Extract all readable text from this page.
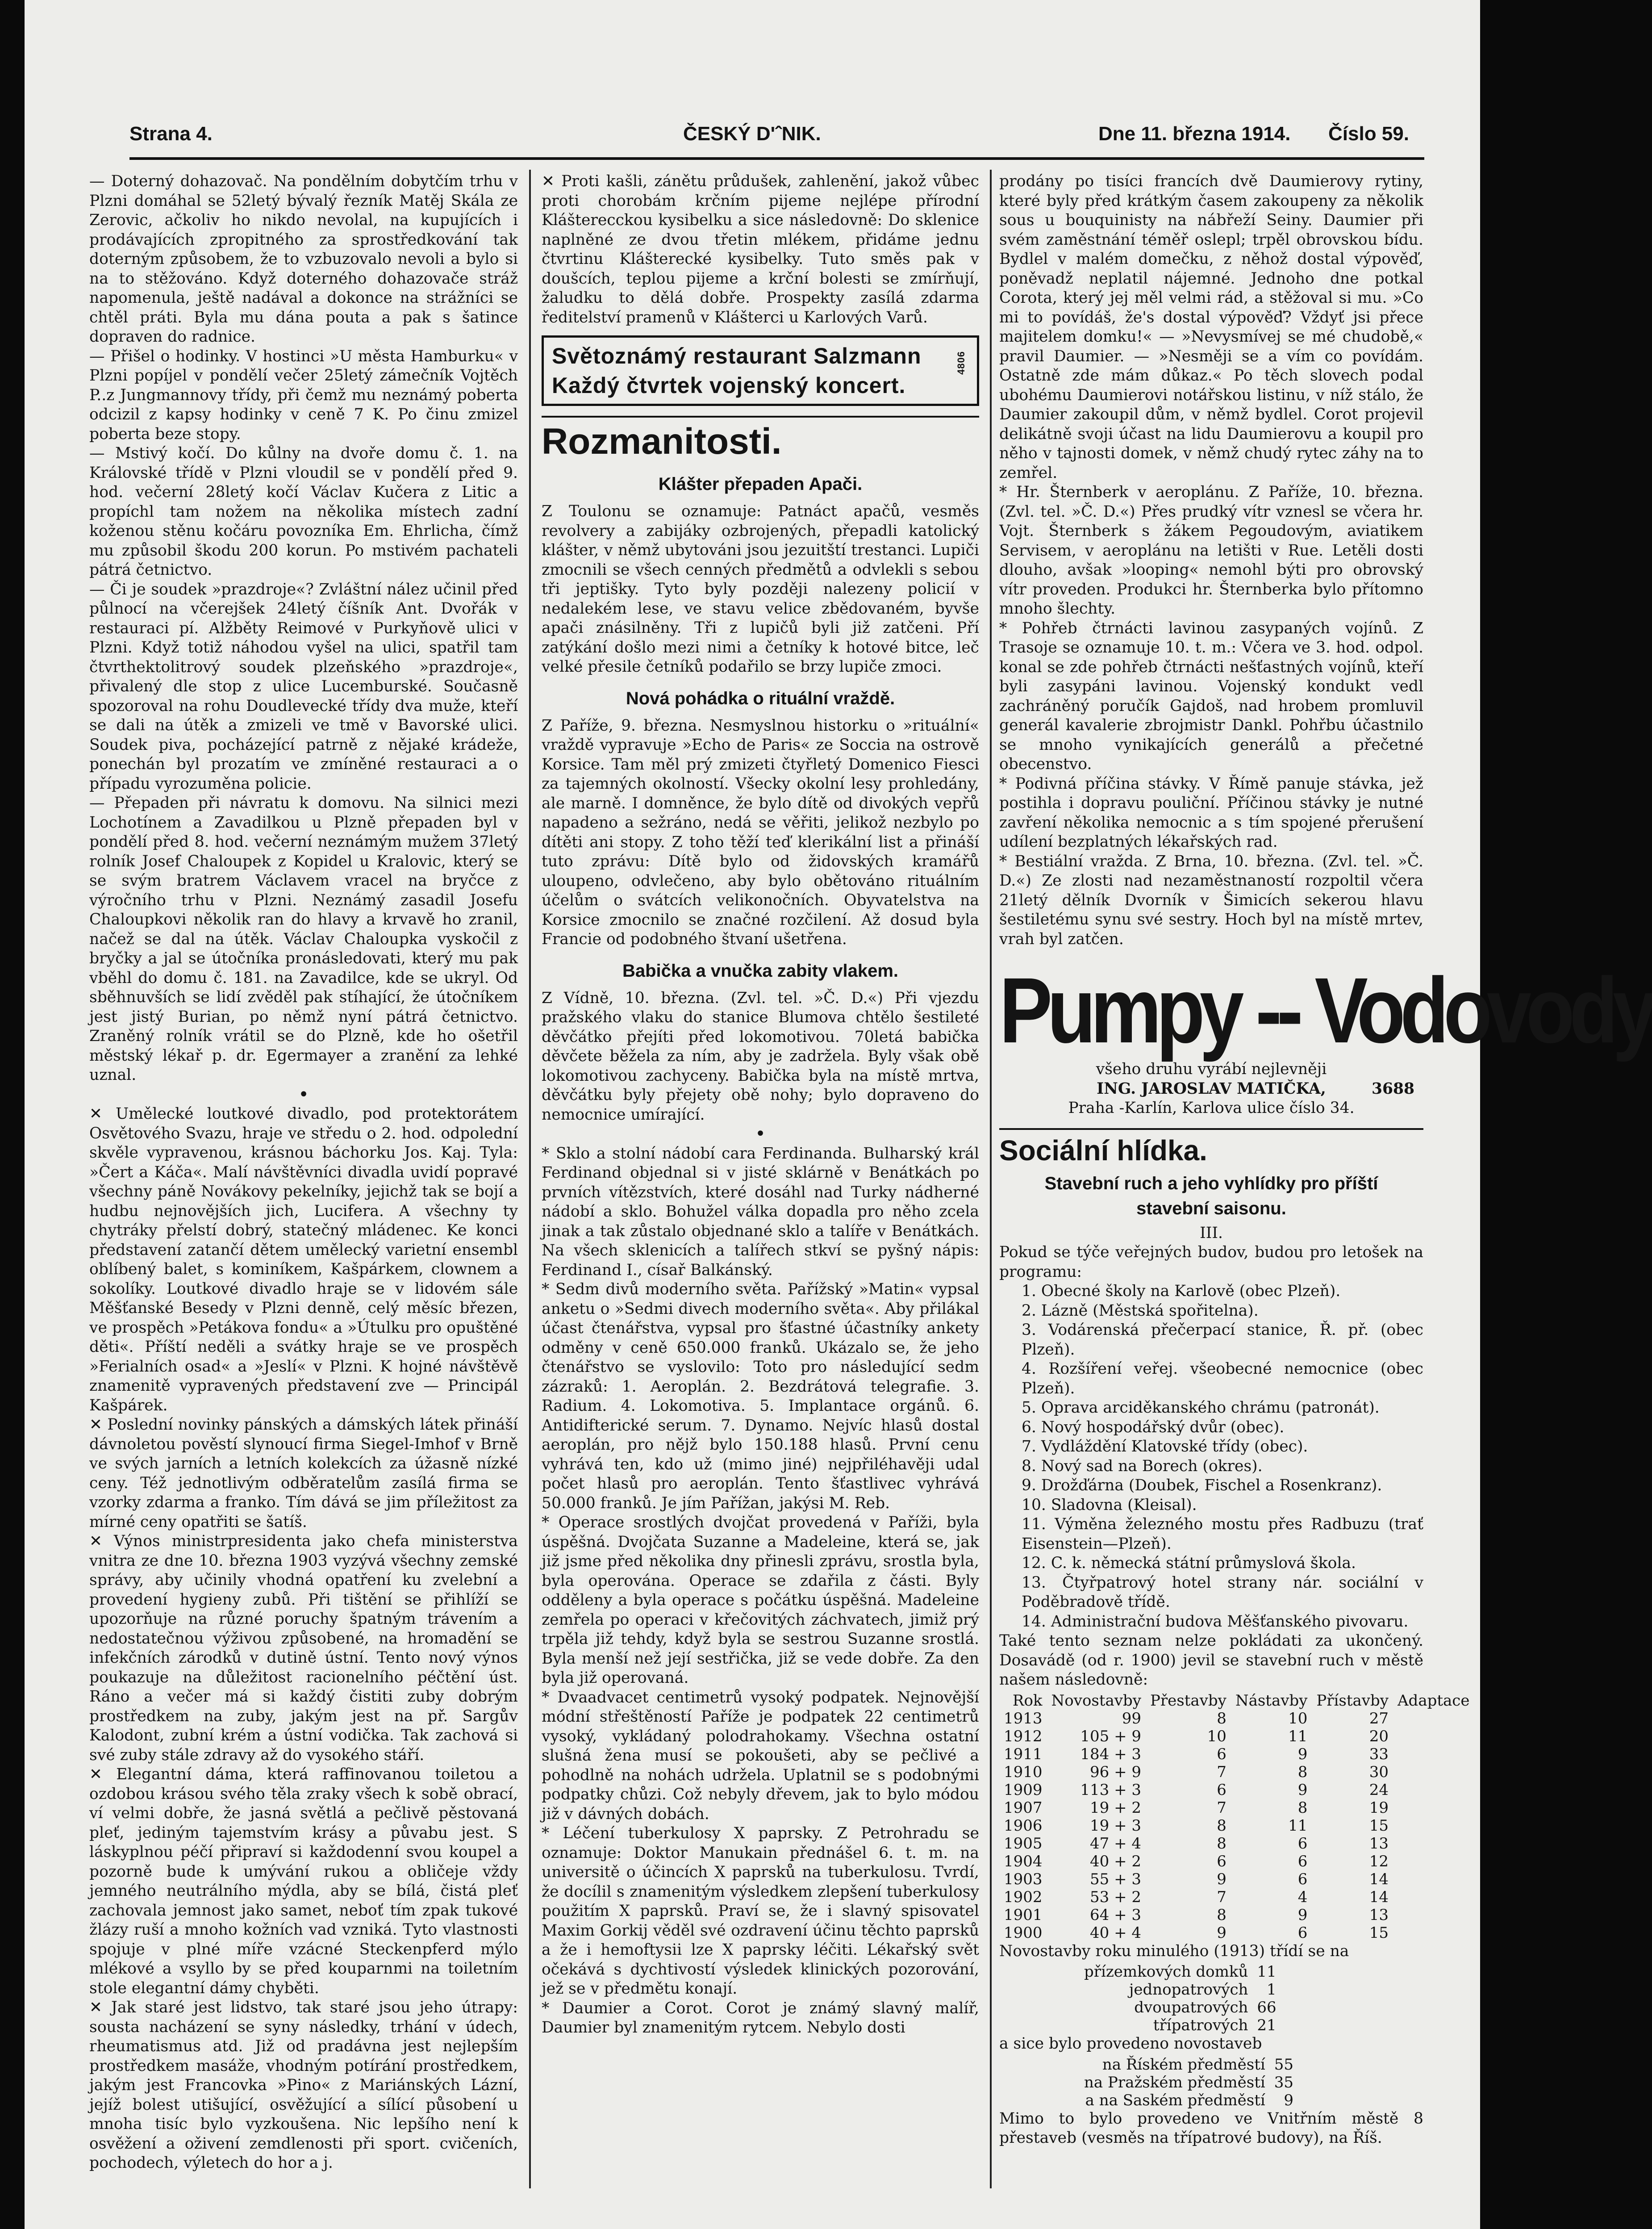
Strana 4.	ČESKÝ D'ˆNIK.	Dne 11. března 1914. Číslo 59.

— Doterný dohazovač. Na pondělním dobytčím trhu v Plzni domáhal se 52letý bývalý řezník Matěj Skála ze Zerovic, ačkoliv ho nikdo nevolal, na kupujících i prodávajících zpropitného za sprostředkování tak doterným způsobem, že to vzbuzovalo nevoli a bylo si na to stěžováno. Když doterného dohazovače stráž napomenula, ještě nadával a dokonce na strážníci se chtěl práti. Byla mu dána pouta a pak s šatince dopraven do radnice.

— Přišel o hodinky. V hostinci »U města Hamburku« v Plzni popíjel v pondělí večer 25letý zámečník Vojtěch P..z Jungmannovy třídy, při čemž mu neznámý poberta odcizil z kapsy hodinky v ceně 7 K. Po činu zmizel poberta beze stopy.

— Mstivý kočí. Do kůlny na dvoře domu č. 1. na Královské třídě v Plzni vloudil se v pondělí před 9. hod. večerní 28letý kočí Václav Kučera z Litic a propíchl tam nožem na několika místech zadní koženou stěnu kočáru povozníka Em. Ehrlicha, čímž mu způsobil škodu 200 korun. Po mstivém pachateli pátrá četnictvo.

— Či je soudek »prazdroje«? Zvláštní nález učinil před půlnocí na včerejšek 24letý číšník Ant. Dvořák v restauraci pí. Alžběty Reimové v Purkyňově ulici v Plzni. Když totiž náhodou vyšel na ulici, spatřil tam čtvrthektolitrový soudek plzeňského »prazdroje«, přivalený dle stop z ulice Lucemburské. Současně spozoroval na rohu Doudlevecké třídy dva muže, kteří se dali na útěk a zmizeli ve tmě v Bavorské ulici. Soudek piva, pocházející patrně z nějaké krádeže, ponechán byl prozatím ve zmíněné restauraci a o případu vyrozuměna policie.

— Přepaden při návratu k domovu. Na silnici mezi Lochotínem a Zavadilkou u Plzně přepaden byl v pondělí před 8. hod. večerní neznámým mužem 37letý rolník Josef Chaloupek z Kopidel u Kralovic, který se se svým bratrem Václavem vracel na bryčce z výročního trhu v Plzni. Neznámý zasadil Josefu Chaloupkovi několik ran do hlavy a krvavě ho zranil, načež se dal na útěk. Václav Chaloupka vyskočil z bryčky a jal se útočníka pronásledovati, který mu pak vběhl do domu č. 181. na Zavadilce, kde se ukryl. Od sběhnuvších se lidí zvěděl pak stíhající, že útočníkem jest jistý Burian, po němž nyní pátrá četnictvo. Zraněný rolník vrátil se do Plzně, kde ho ošetřil městský lékař p. dr. Egermayer a zranění za lehké uznal.

•

✕ Umělecké loutkové divadlo, pod protektorátem Osvětového Svazu, hraje ve středu o 2. hod. odpolední skvěle vypravenou, krásnou báchorku Jos. Kaj. Tyla: »Čert a Káča«. Malí návštěvníci divadla uvidí popravé všechny páně Novákovy pekelníky, jejichž tak se bojí a hudbu nejnovějších jich, Lucifera. A všechny ty chytráky přelstí dobrý, statečný mládenec. Ke konci představení zatančí dětem umělecký varietní ensembl oblíbený balet, s kominíkem, Kašpárkem, clownem a sokolíky. Loutkové divadlo hraje se v lidovém sále Měšťanské Besedy v Plzni denně, celý měsíc březen, ve prospěch »Petákova fondu« a »Útulku pro opuštěné děti«. Příští neděli a svátky hraje se ve prospěch »Ferialních osad« a »Jeslí« v Plzni. K hojné návštěvě znamenitě vypravených představení zve — Principál Kašpárek.

✕ Poslední novinky pánských a dámských látek přináší dávnoletou pověstí slynoucí firma Siegel-Imhof v Brně ve svých jarních a letních kolekcích za úžasně nízké ceny. Též jednotlivým odběratelům zasílá firma se vzorky zdarma a franko. Tím dává se jim příležitost za mírné ceny opatřiti se šatíš.

✕ Výnos ministrpresidenta jako chefa ministerstva vnitra ze dne 10. března 1903 vyzývá všechny zemské správy, aby učinily vhodná opatření ku zvelební a provedení hygieny zubů. Při tištění se přihlíží se upozorňuje na různé poruchy špatným trávením a nedostatečnou výživou způsobené, na hromadění se infekčních zárodků v dutině ústní. Tento nový výnos poukazuje na důležitost racionelního péčtění úst. Ráno a večer má si každý čistiti zuby dobrým prostředkem na zuby, jakým jest na př. Sargův Kalodont, zubní krém a ústní vodička. Tak zachová si své zuby stále zdravy až do vysokého stáří.

✕ Elegantní dáma, která raffinovanou toiletou a ozdobou krásou svého těla zraky všech k sobě obrací, ví velmi dobře, že jasná světlá a pečlivě pěstovaná pleť, jediným tajemstvím krásy a půvabu jest. S láskyplnou péčí připraví si každodenní svou koupel a pozorně bude k umývání rukou a obličeje vždy jemného neutrálního mýdla, aby se bílá, čistá pleť zachovala jemnost jako samet, neboť tím zpak tukové žlázy ruší a mnoho kožních vad vzniká. Tyto vlastnosti spojuje v plné míře vzácné Steckenpferd mýlo mlékové a vsyllo by se před kouparnmi na toiletním stole elegantní dámy chyběti.

✕ Jak staré jest lidstvo, tak staré jsou jeho útrapy: sousta nacházení se syny následky, trhání v údech, rheumatismus atd. Již od pradávna jest nejlepším prostředkem masáže, vhodným potírání prostředkem, jakým jest Francovka »Pino« z Mariánských Lázní, jejíž bolest utišující, osvěžující a sílící působení u mnoha tisíc bylo vyzkoušena. Nic lepšího není k osvěžení a oživení zemdlenosti při sport. cvičeních, pochodech, výletech do hor a j.

✕ Proti kašli, zánětu průdušek, zahlenění, jakož vůbec proti chorobám krčním pijeme nejlépe přírodní Klášterecckou kysibelku a sice následovně: Do sklenice naplněné ze dvou třetin mlékem, přidáme jednu čtvrtinu Klášterecké kysibelky. Tuto směs pak v doušcích, teplou pijeme a krční bolesti se zmírňují, žaludku to dělá dobře. Prospekty zasílá zdarma ředitelství pramenů v Klášterci u Karlových Varů.

Světoznámý restaurant Salzmann
Každý čtvrtek vojenský koncert.
4806
Rozmanitosti.
Klášter přepaden Apači.

Z Toulonu se oznamuje: Patnáct apačů, vesměs revolvery a zabijáky ozbrojených, přepadli katolický klášter, v němž ubytováni jsou jezuitští trestanci. Lupiči zmocnili se všech cenných předmětů a odvlekli s sebou tři jeptišky. Tyto byly později nalezeny policií v nedalekém lese, ve stavu velice zbědovaném, byvše apači znásilněny. Tři z lupičů byli již zatčeni. Pří zatýkání došlo mezi nimi a četníky k hotové bitce, leč velké přesile četníků podařilo se brzy lupiče zmoci.

Nová pohádka o rituální vraždě.

Z Paříže, 9. března. Nesmyslnou historku o »rituální« vraždě vypravuje »Echo de Paris« ze Soccia na ostrově Korsice. Tam měl prý zmizeti čtyřletý Domenico Fiesci za tajemných okolností. Všecky okolní lesy prohledány, ale marně. I domněnce, že bylo dítě od divokých vepřů napadeno a sežráno, nedá se věřiti, jelikož nezbylo po dítěti ani stopy. Z toho těží teď klerikální list a přináší tuto zprávu: Dítě bylo od židovských kramářů uloupeno, odvlečeno, aby bylo obětováno rituálním účelům o svátcích velikonočních. Obyvatelstva na Korsice zmocnilo se značné rozčilení. Až dosud byla Francie od podobného štvaní ušetřena.

Babička a vnučka zabity vlakem.

Z Vídně, 10. března. (Zvl. tel. »Č. D.«) Při vjezdu pražského vlaku do stanice Blumova chtělo šestileté děvčátko přejíti před lokomotivou. 70letá babička děvčete běžela za ním, aby je zadržela. Byly však obě lokomotivou zachyceny. Babička byla na místě mrtva, děvčátku byly přejety obě nohy; bylo dopraveno do nemocnice umírající.

•

* Sklo a stolní nádobí cara Ferdinanda. Bulharský král Ferdinand objednal si v jisté sklárně v Benátkách po prvních vítězstvích, které dosáhl nad Turky nádherné nádobí a sklo. Bohužel válka dopadla pro něho zcela jinak a tak zůstalo objednané sklo a talíře v Benátkách. Na všech sklenicích a talířech stkví se pyšný nápis: Ferdinand I., císař Balkánský.

* Sedm divů moderního světa. Pařížský »Matin« vypsal anketu o »Sedmi divech moderního světa«. Aby přilákal účast čtenářstva, vypsal pro šťastné účastníky ankety odměny v ceně 650.000 franků. Ukázalo se, že jeho čtenářstvo se vyslovilo: Toto pro následující sedm zázraků: 1. Aeroplán. 2. Bezdrátová telegrafie. 3. Radium. 4. Lokomotiva. 5. Implantace orgánů. 6. Antidifterické serum. 7. Dynamo. Nejvíc hlasů dostal aeroplán, pro nějž bylo 150.188 hlasů. První cenu vyhrává ten, kdo už (mimo jiné) nejpřiléhavěji udal počet hlasů pro aeroplán. Tento šťastlivec vyhrává 50.000 franků. Je jím Pařížan, jakýsi M. Reb.

* Operace srostlých dvojčat provedená v Paříži, byla úspěšná. Dvojčata Suzanne a Madeleine, která se, jak již jsme před několika dny přinesli zprávu, srostla byla, byla operována. Operace se zdařila z části. Byly odděleny a byla operace s počátku úspěšná. Madeleine zemřela po operaci v křečovitých záchvatech, jimiž prý trpěla již tehdy, když byla se sestrou Suzanne srostlá. Byla menší než její sestřička, již se vede dobře. Za den byla již operovaná.

* Dvaadvacet centimetrů vysoký podpatek. Nejnovější módní střeštěností Paříže je podpatek 22 centimetrů vysoký, vykládaný polodrahokamy. Všechna ostatní slušná žena musí se pokoušeti, aby se pečlivé a pohodlně na nohách udržela. Uplatnil se s podobnými podpatky chůzi. Což nebyly dřevem, jak to bylo módou již v dávných dobách.

* Léčení tuberkulosy X paprsky. Z Petrohradu se oznamuje: Doktor Manukain přednášel 6. t. m. na universitě o účincích X paprsků na tuberkulosu. Tvrdí, že docílil s znamenitým výsledkem zlepšení tuberkulosy použitím X paprsků. Praví se, že i slavný spisovatel Maxim Gorkij věděl své ozdravení účinu těchto paprsků a že i hemoftysii lze X paprsky léčiti. Lékařský svět očekává s dychtivostí výsledek klinických pozorování, jež se v předmětu konají.

* Daumier a Corot. Corot je známý slavný malíř, Daumier byl znamenitým rytcem. Nebylo dosti

prodány po tisíci francích dvě Daumierovy rytiny, které byly před krátkým časem zakoupeny za několik sous u bouquinisty na nábřeží Seiny. Daumier při svém zaměstnání téměř oslepl; trpěl obrovskou bídu. Bydlel v malém domečku, z něhož dostal výpověď, poněvadž neplatil nájemné. Jednoho dne potkal Corota, který jej měl velmi rád, a stěžoval si mu. »Co mi to povídáš, že's dostal výpověď? Vždyť jsi přece majitelem domku!« — »Nevysmívej se mé chudobě,« pravil Daumier. — »Nesměji se a vím co povídám. Ostatně zde mám důkaz.« Po těch slovech podal ubohému Daumierovi notářskou listinu, v níž stálo, že Daumier zakoupil dům, v němž bydlel. Corot projevil delikátně svoji účast na lidu Daumierovu a koupil pro něho v tajnosti domek, v němž chudý rytec záhy na to zemřel.

* Hr. Šternberk v aeroplánu. Z Paříže, 10. března. (Zvl. tel. »Č. D.«) Přes prudký vítr vznesl se včera hr. Vojt. Šternberk s žákem Pegoudovým, aviatikem Servisem, v aeroplánu na letišti v Rue. Letěli dosti dlouho, avšak »looping« nemohl býti pro obrovský vítr proveden. Produkci hr. Šternberka bylo přítomno mnoho šlechty.

* Pohřeb čtrnácti lavinou zasypaných vojínů. Z Trasoje se oznamuje 10. t. m.: Včera ve 3. hod. odpol. konal se zde pohřeb čtrnácti nešťastných vojínů, kteří byli zasypáni lavinou. Vojenský kondukt vedl zachráněný poručík Gajdoš, nad hrobem promluvil generál kavalerie zbrojmistr Dankl. Pohřbu účastnilo se mnoho vynikajících generálů a přečetné obecenstvo.

* Podivná příčina stávky. V Římě panuje stávka, jež postihla i dopravu pouliční. Příčinou stávky je nutné zavření několika nemocnic a s tím spojené přerušení udílení bezplatných lékařských rad.

* Bestiální vražda. Z Brna, 10. března. (Zvl. tel. »Č. D.«) Ze zlosti nad nezaměstnaností rozpoltil včera 21letý dělník Dvorník v Šimicích sekerou hlavu šestiletému synu své sestry. Hoch byl na místě mrtev, vrah byl zatčen.

Pumpy -- Vodovody
všeho druhu vyrábí nejlevněji
ING. JAROSLAV MATIČKA,	3688
Praha -Karlín, Karlova ulice číslo 34.
Sociální hlídka.
Stavební ruch a jeho vyhlídky pro příští
stavební saisonu.
III.

Pokud se týče veřejných budov, budou pro letošek na programu:

1. Obecné školy na Karlově (obec Plzeň).

2. Lázně (Městská spořitelna).

3. Vodárenská přečerpací stanice, Ř. př. (obec Plzeň).

4. Rozšíření veřej. všeobecné nemocnice (obec Plzeň).

5. Oprava arciděkanského chrámu (patronát).

6. Nový hospodářský dvůr (obec).

7. Vydláždění Klatovské třídy (obec).

8. Nový sad na Borech (okres).

9. Drožďárna (Doubek, Fischel a Rosenkranz).

10. Sladovna (Kleisal).

11. Výměna železného mostu přes Radbuzu (trať Eisenstein—Plzeň).

12. C. k. německá státní průmyslová škola.

13. Čtyřpatrový hotel strany nár. sociální v Poděbradově třídě.

14. Administrační budova Měšťanského pivovaru.

Také tento seznam nelze pokládati za ukončený. Dosavádě (od r. 1900) jevil se stavební ruch v městě našem následovně:

Rok	Novostavby	Přestavby	Nástavby	Přístavby	Adaptace
1913	99	8	10	27	
1912	105 + 9	10	11	20	
1911	184 + 3	6	9	33	
1910	96 + 9	7	8	30	
1909	113 + 3	6	9	24	
1907	19 + 2	7	8	19	
1906	19 + 3	8	11	15	
1905	47 + 4	8	6	13	
1904	40 + 2	6	6	12	
1903	55 + 3	9	6	14	
1902	53 + 2	7	4	14	
1901	64 + 3	8	9	13	
1900	40 + 4	9	6	15	

Novostavby roku minulého (1913) třídí se na

přízemkových domků	11
jednopatrových	1
dvoupatrových	66
třípatrových	21

a sice bylo provedeno novostaveb

na Říském předměstí	55
na Pražském předměstí	35
a na Saském předměstí	9

Mimo to bylo provedeno ve Vnitřním městě 8 přestaveb (vesměs na třípatrové budovy), na Říš.
